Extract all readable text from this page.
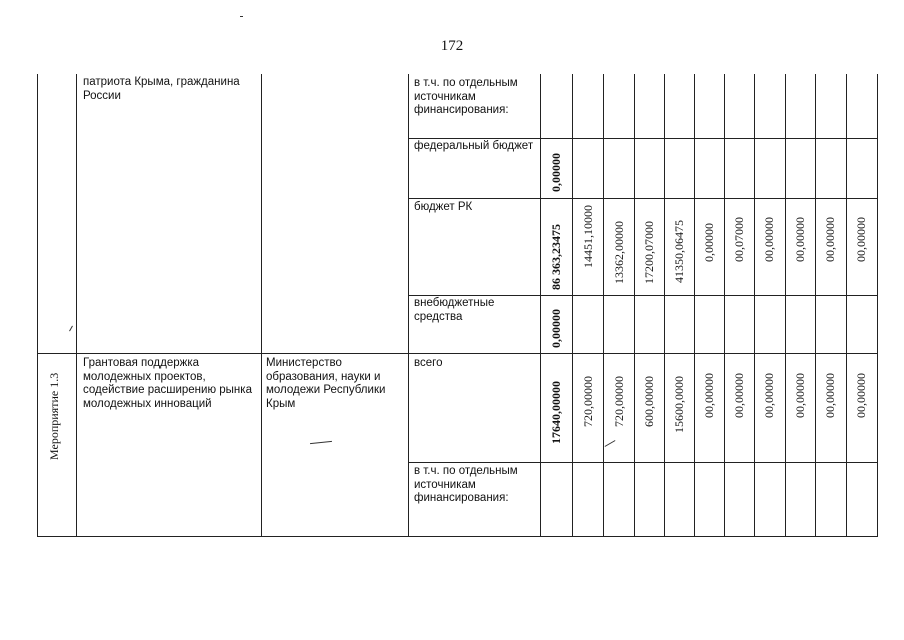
172
патриота Крыма, гражданина России
в т.ч. по отдельным источникам финансирования:
федеральный бюджет
бюджет РК
внебюджетные средства
0,00000
86 363,23475
0,00000
14451,10000 13362,00000 17200,07000 41350,06475 0,00000 00,07000 00,00000 00,00000 00,00000 00,00000
Мероприятие 1.3
Грантовая поддержка молодежных проектов, содействие расширению рынка молодежных инноваций
Министерство образования, науки и молодежи Республики Крым
всего
в т.ч. по отдельным источникам финансирования:
17640,00000 720,00000 720,00000 600,00000 15600,0000 00,00000 00,00000 00,00000 00,00000 00,00000 00,00000
